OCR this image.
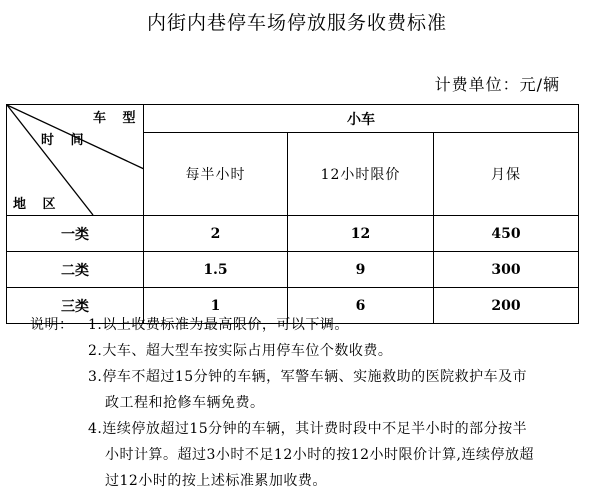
内街内巷停车场停放服务收费标准
计费单位：元/辆
车 型
时 间
地 区	小车		
	每半小时	12小时限价	月保
一类	2	12	450
二类	1.5	9	300
三类	1	6	200
说明： 1.以上收费标准为最高限价，可以下调。
2.大车、超大型车按实际占用停车位个数收费。
3.停车不超过15分钟的车辆，军警车辆、实施救助的医院救护车及市
政工程和抢修车辆免费。
4.连续停放超过15分钟的车辆，其计费时段中不足半小时的部分按半
小时计算。超过3小时不足12小时的按12小时限价计算,连续停放超
过12小时的按上述标准累加收费。
